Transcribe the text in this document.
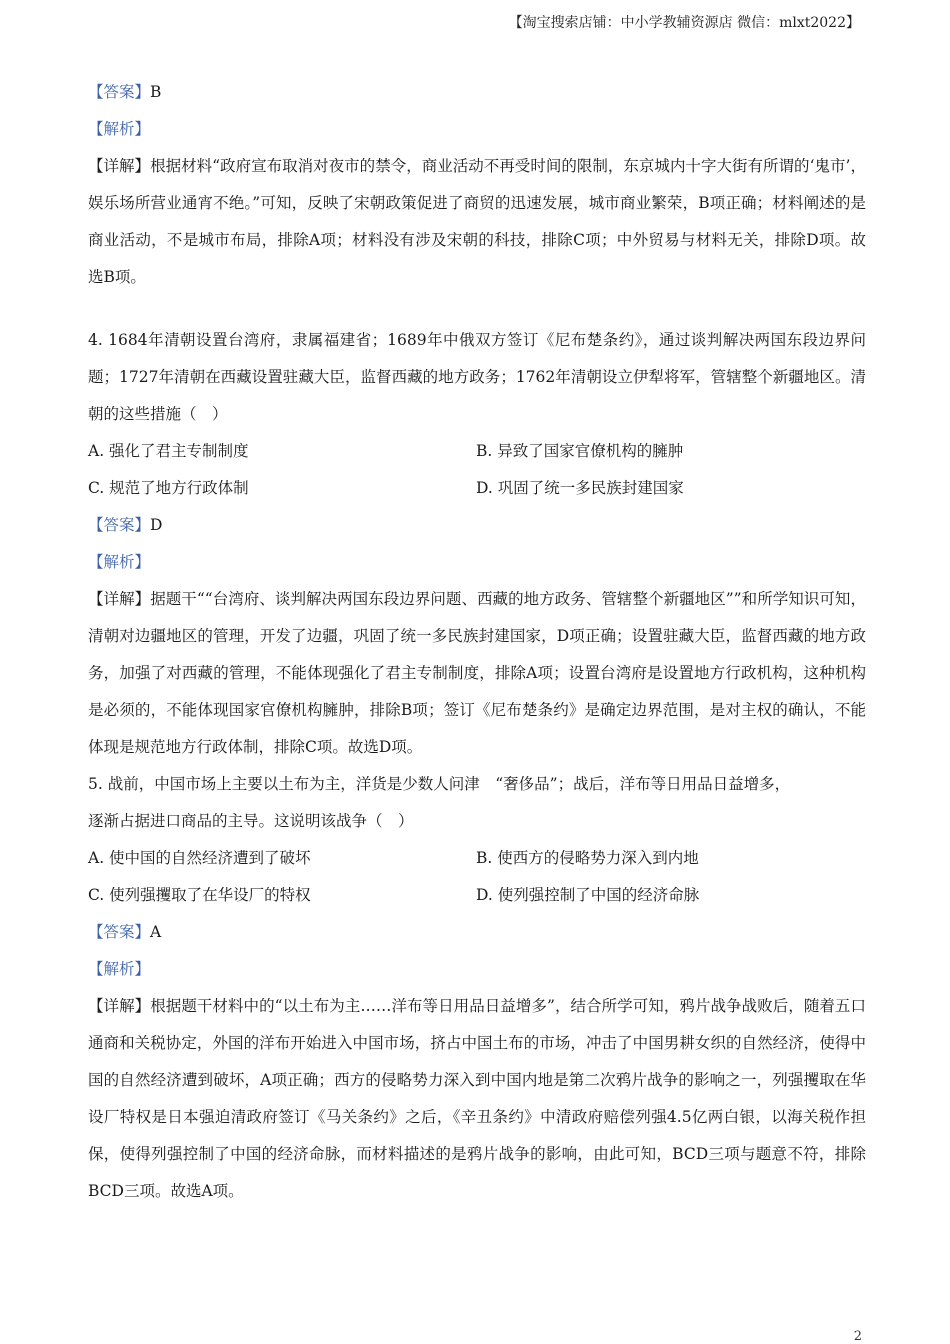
【淘宝搜索店铺：中小学教辅资源店 微信：mlxt2022】

【答案】B

【解析】

【详解】根据材料“政府宣布取消对夜市的禁令，商业活动不再受时间的限制，东京城内十字大街有所谓的‘鬼市’，娱乐场所营业通宵不绝。”可知，反映了宋朝政策促进了商贸的迅速发展，城市商业繁荣，B项正确；材料阐述的是商业活动，不是城市布局，排除A项；材料没有涉及宋朝的科技，排除C项；中外贸易与材料无关，排除D项。故选B项。

4. 1684年清朝设置台湾府，隶属福建省；1689年中俄双方签订《尼布楚条约》，通过谈判解决两国东段边界问题；1727年清朝在西藏设置驻藏大臣，监督西藏的地方政务；1762年清朝设立伊犁将军，管辖整个新疆地区。清朝的这些措施（　）

A. 强化了君主专制制度	B. 异致了国家官僚机构的臃肿
C. 规范了地方行政体制	D. 巩固了统一多民族封建国家

【答案】D

【解析】

【详解】据题干““台湾府、谈判解决两国东段边界问题、西藏的地方政务、管辖整个新疆地区””和所学知识可知，清朝对边疆地区的管理，开发了边疆，巩固了统一多民族封建国家，D项正确；设置驻藏大臣，监督西藏的地方政务，加强了对西藏的管理，不能体现强化了君主专制制度，排除A项；设置台湾府是设置地方行政机构，这种机构是必须的，不能体现国家官僚机构臃肿，排除B项；签订《尼布楚条约》是确定边界范围，是对主权的确认，不能体现是规范地方行政体制，排除C项。故选D项。

5. 战前，中国市场上主要以土布为主，洋货是少数人问津　“奢侈品”；战后，洋布等日用品日益增多，

逐渐占据进口商品的主导。这说明该战争（　）

A. 使中国的自然经济遭到了破坏	B. 使西方的侵略势力深入到内地
C. 使列强攫取了在华设厂的特权	D. 使列强控制了中国的经济命脉

【答案】A

【解析】

【详解】根据题干材料中的“以土布为主……洋布等日用品日益增多”，结合所学可知，鸦片战争战败后，随着五口通商和关税协定，外国的洋布开始进入中国市场，挤占中国土布的市场，冲击了中国男耕女织的自然经济，使得中国的自然经济遭到破坏，A项正确；西方的侵略势力深入到中国内地是第二次鸦片战争的影响之一，列强攫取在华设厂特权是日本强迫清政府签订《马关条约》之后，《辛丑条约》中清政府赔偿列强4.5亿两白银，以海关税作担保，使得列强控制了中国的经济命脉，而材料描述的是鸦片战争的影响，由此可知，BCD三项与题意不符，排除BCD三项。故选A项。

2
